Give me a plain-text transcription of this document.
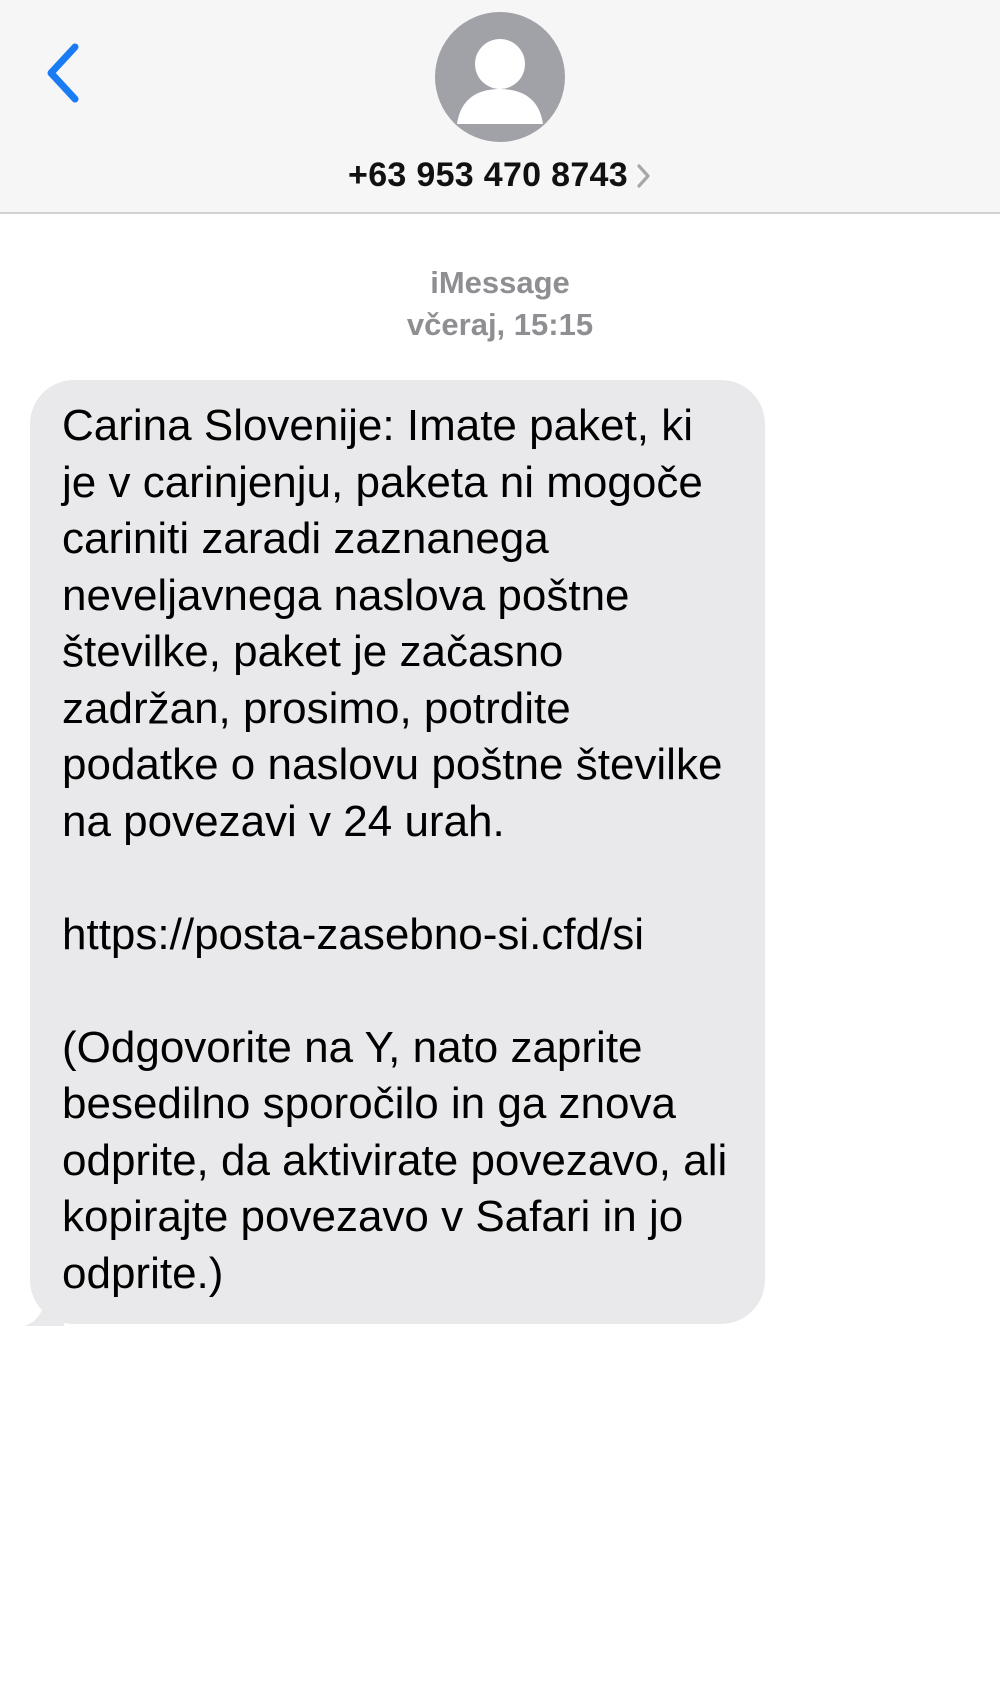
+63 953 470 8743
iMessage
včeraj, 15:15
Carina Slovenije: Imate paket, ki je v carinjenju, paketa ni mogoče cariniti zaradi zaznanega neveljavnega naslova poštne številke, paket je začasno zadržan, prosimo, potrdite podatke o naslovu poštne številke na povezavi v 24 urah.

https://posta-zasebno-si.cfd/si

(Odgovorite na Y, nato zaprite besedilno sporočilo in ga znova odprite, da aktivirate povezavo, ali kopirajte povezavo v Safari in jo odprite.)
